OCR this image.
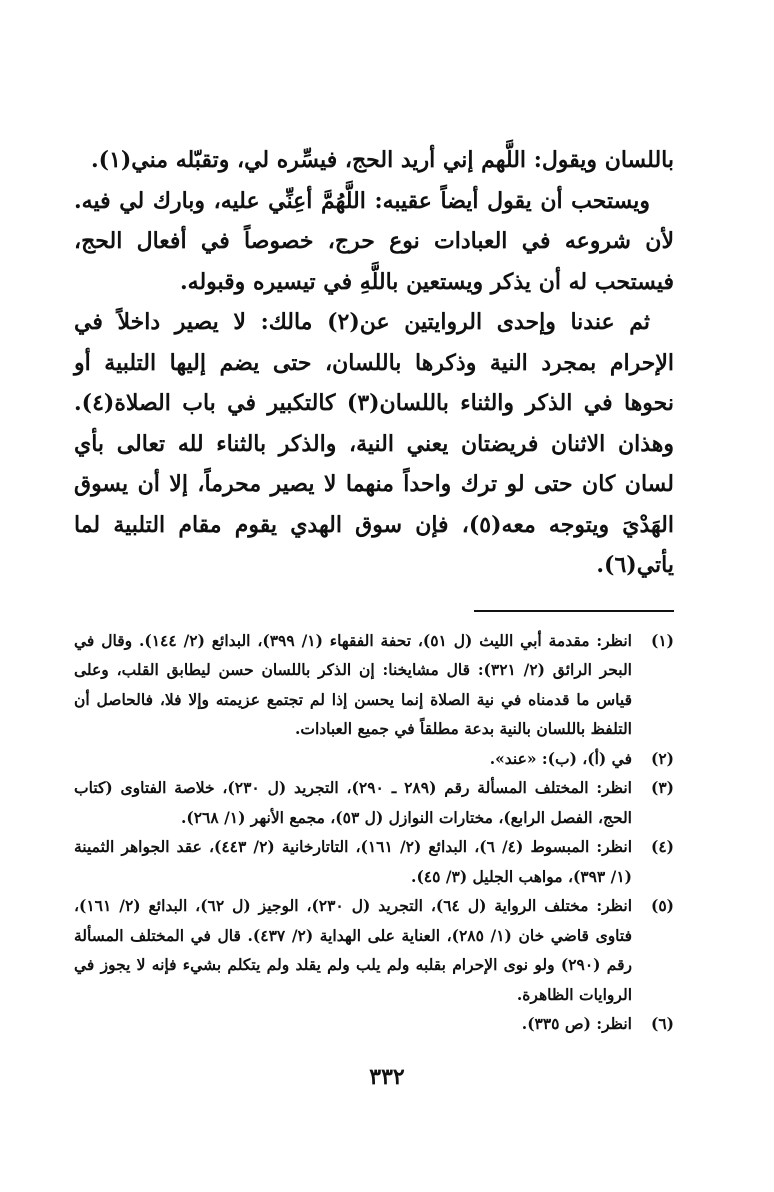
باللسان ويقول: اللَّهم إني أريد الحج، فيسِّره لي، وتقبّله مني(١).

ويستحب أن يقول أيضاً عقيبه: اللَّهُمَّ أعِنِّي عليه، وبارك لي فيه. لأن شروعه في العبادات نوع حرج، خصوصاً في أفعال الحج، فيستحب له أن يذكر ويستعين باللَّهِ في تيسيره وقبوله.

ثم عندنا وإحدى الروايتين عن(٢) مالك: لا يصير داخلاً في الإحرام بمجرد النية وذكرها باللسان، حتى يضم إليها التلبية أو نحوها في الذكر والثناء باللسان(٣) كالتكبير في باب الصلاة(٤). وهذان الاثنان فريضتان يعني النية، والذكر بالثناء لله تعالى بأي لسان كان حتى لو ترك واحداً منهما لا يصير محرماً، إلا أن يسوق الهَدْيَ ويتوجه معه(٥)، فإن سوق الهدي يقوم مقام التلبية لما يأتي(٦).

(١)
انظر: مقدمة أبي الليث (ل ٥١)، تحفة الفقهاء (١/ ٣٩٩)، البدائع (٢/ ١٤٤). وقال في البحر الرائق (٢/ ٣٢١): قال مشايخنا: إن الذكر باللسان حسن ليطابق القلب، وعلى قياس ما قدمناه في نية الصلاة إنما يحسن إذا لم تجتمع عزيمته وإلا فلا، فالحاصل أن التلفظ باللسان بالنية بدعة مطلقاً في جميع العبادات.
(٢)
في (أ)، (ب): «عند».
(٣)
انظر: المختلف المسألة رقم (٢٨٩ ـ ٢٩٠)، التجريد (ل ٢٣٠)، خلاصة الفتاوى (كتاب الحج، الفصل الرابع)، مختارات النوازل (ل ٥٣)، مجمع الأنهر (١/ ٢٦٨).
(٤)
انظر: المبسوط (٤/ ٦)، البدائع (٢/ ١٦١)، التاتارخانية (٢/ ٤٤٣)، عقد الجواهر الثمينة (١/ ٣٩٣)، مواهب الجليل (٣/ ٤٥).
(٥)
انظر: مختلف الرواية (ل ٦٤)، التجريد (ل ٢٣٠)، الوجيز (ل ٦٢)، البدائع (٢/ ١٦١)، فتاوى قاضي خان (١/ ٢٨٥)، العناية على الهداية (٢/ ٤٣٧). قال في المختلف المسألة رقم (٢٩٠) ولو نوى الإحرام بقلبه ولم يلب ولم يقلد ولم يتكلم بشيء فإنه لا يجوز في الروايات الظاهرة.
(٦)
انظر: (ص ٣٣٥).
٣٣٢
